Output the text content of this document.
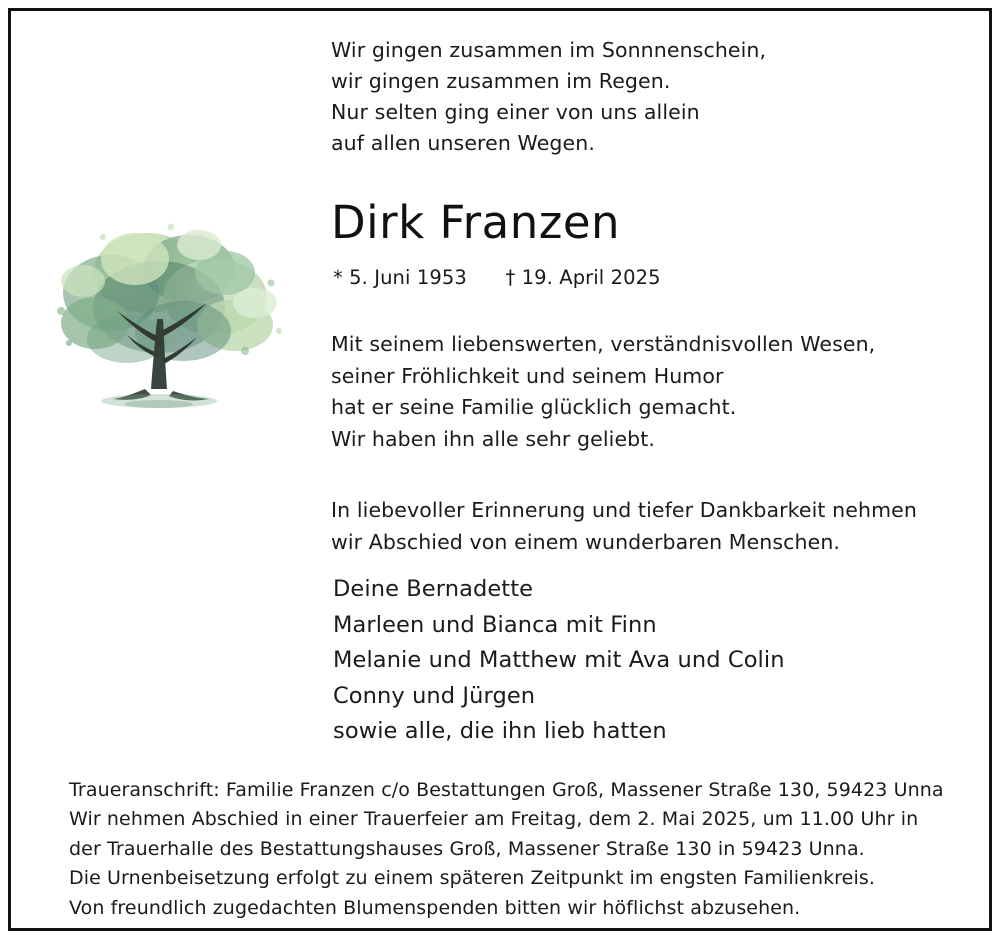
Wir gingen zusammen im Sonnnenschein,
wir gingen zusammen im Regen.
Nur selten ging einer von uns allein
auf allen unseren Wegen.
Dirk Franzen
* 5. Juni 1953 † 19. April 2025
Mit seinem liebenswerten, verständnisvollen Wesen,
seiner Fröhlichkeit und seinem Humor
hat er seine Familie glücklich gemacht.
Wir haben ihn alle sehr geliebt.
In liebevoller Erinnerung und tiefer Dankbarkeit nehmen
wir Abschied von einem wunderbaren Menschen.
Deine Bernadette
Marleen und Bianca mit Finn
Melanie und Matthew mit Ava und Colin
Conny und Jürgen
sowie alle, die ihn lieb hatten
Traueranschrift: Familie Franzen c/o Bestattungen Groß, Massener Straße 130, 59423 Unna
Wir nehmen Abschied in einer Trauerfeier am Freitag, dem 2. Mai 2025, um 11.00 Uhr in
der Trauerhalle des Bestattungshauses Groß, Massener Straße 130 in 59423 Unna.
Die Urnenbeisetzung erfolgt zu einem späteren Zeitpunkt im engsten Familienkreis.
Von freundlich zugedachten Blumenspenden bitten wir höflichst abzusehen.
